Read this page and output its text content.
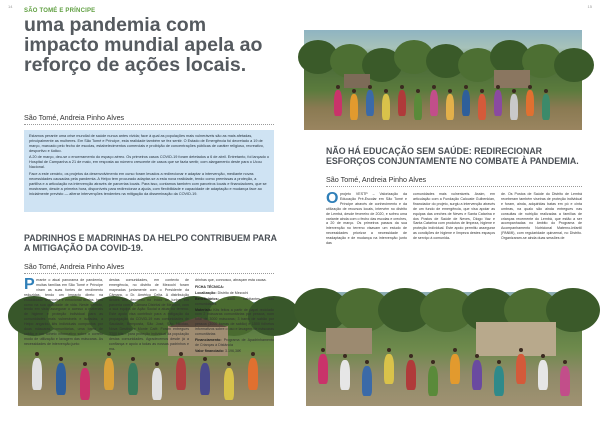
14
SÃO TOMÉ E PRÍNCIPE
uma pandemia com impacto mundial apela ao reforço de ações locais.
São Tomé, Andreia Pinho Alves

Estamos perante uma crise mundial de saúde nunca antes vivida; face à qual as populações mais vulneráveis são as mais afetadas, principalmente as mulheres. Em São Tomé e Príncipe, esta realidade também se fez sentir. O Estado de Emergência foi decretado a 19 de março, marcado pelo fecho de escolas, estabelecimentos comerciais e proibição de concentrações públicas de caráter religioso, recreativo, desportivo e lúdico.

A 20 de março, deu-se o encerramento do espaço aéreo. Os primeiros casos COVID-19 foram detetados a 6 de abril. Entretanto, foi lançado o Hospital de Campanha a 21 de maio, em resposta ao número crescente de casos que se fazia sentir, com alargamento deste para o Ucou Nacional.

Face a este cenário, os projetos da desenvolvimento em curso foram levados a redirecionar e adaptar a intervenção, mediante novas necessidades causadas pela pandemia. A Helpo tem procurado adaptar-se a esta nova realidade, tendo como premissas a proteção, a partilha e a articulação na intervenção através de parcerias locais. Para isso, contamos também com parceiros locais e financiadores, que se mostraram, desde a primeira hora, disponíveis para redirecionar a ajuda, com flexibilidade e capacidade de adaptação e mudança face ao inicialmente previsto — alterar intervenções tendentes na mitigação da disseminação da COVID-19.

PADRINHOS E MADRINHAS DA HELPO CONTRIBUEM PARA A MITIGAÇÃO DA COVID-19.
São Tomé, Andreia Pinho Alves
15
NÃO HÁ EDUCAÇÃO SEM SAÚDE: REDIRECIONAR ESFORÇOS CONJUNTAMENTE NO COMBATE À PANDEMIA.
São Tomé, Andreia Pinho Alves
Oprojeto VESTP – Valorização da Educação Pré-Escolar em São Tomé e Príncipe através de conhecimento e da utilização de recursos locais, intervém no distrito de Lembá, desde fevereiro de 2020, e sofreu uma variante ainda com o fecho das escolas e creches, a 20 de março. Os primeiros passos da sua intervenção no terreno visavam um estudo de necessidades priorizar a necessidade de readaptação e de mudança na intervenção junto das
comunidades mais vulneráveis. Assim, em articulação com a Fundação Calouste Gulbenkian, financiador do projeto, surgiu a intervenção através de um fundo de emergência, que visa apoiar as equipas das creches de Neves e Santa Catarina e dos Postos de Saúde de Neves, Diogo Vaz e Santa Catarina com produtos de limpeza, higiene e proteção individual. Este apoio permitiu assegurar as condições de higiene e limpeza destes espaços de serviço à comunida-
de. Os Postos de Saúde do Distrito de Lembá receberam também viseiras de proteção individual e foram, ainda, adquiridas batas em pó e cinta umbras, na qualo são ainda entregues nas consultas de nutrição realizadas a famílias de crianças recemente do Lembá, que estão a ser acompanhadas no âmbito do Programa de Acompanhamento Nutricional Materno-Infantil (PANMI), com regularidade quinzenal, no Distrito. Organizaram-se ainda duas sessões de
Perante o atual panorama de pandemia, muitas famílias em São Tomé e Príncipe viram as suas fontes de rendimento reduzidas, tendo um impacto direto na estabilidade financeira e emocional destas, bem como na sua qualidade de vida. Neste sentido, tendo em vista assegurar o acesso a materiais de higiene e proteção individual para as comunidades mais vulneráveis e isoladas, a Helpo angariou kits individuais compostos por duas máscaras comunitárias, uma barra de sabão e um folheto informativo sobre o correto modo de utilização e lavagem das máscaras. As necessidades de intervenção junto
destas comunidades, em contexto de emergência, no distrito de Mezochi foram mapeadas juntamente com o Presidente da Câmara, o Dr. Américo Celta. A distribuição destes kits decorreu no início de junho, em parceria com a Câmara Distrital de Mezochi, com a sua equipa de Ação Social a atuar no terreno. Este apoio visa contribuir para a mitigação da propagação da COVID-19 nas comunidades de Saudade, Bemposta, São José, São Nicolau, Nova Destino e Monte Café. Foram entregues 3300 kits – para proteção individual da população destas comunidades. Agradecemos desde já a confiança e apoio a todas as nossas padrinhos e ma-

drinhas que, connosco, abraçam esta causa.

FICHA TÉCNICA:

Localização: Distrito de Mezochi

Beneficiários: 3300 habitantes das comunidades

Materiais: Kits feitos a partir de papel reciclado com 2 máscaras comunitárias por pessoa, num total de 3000 máscaras; 3 barra de sabão por pessoa (3000 barras de sabão) e 1500 folhetos informativos sobre o uso e lavagem de máscaras comunitárias

Financiamento: Programa de Apadrinhamento de Crianças à Distância

Valor financiado: 3.196,38€
